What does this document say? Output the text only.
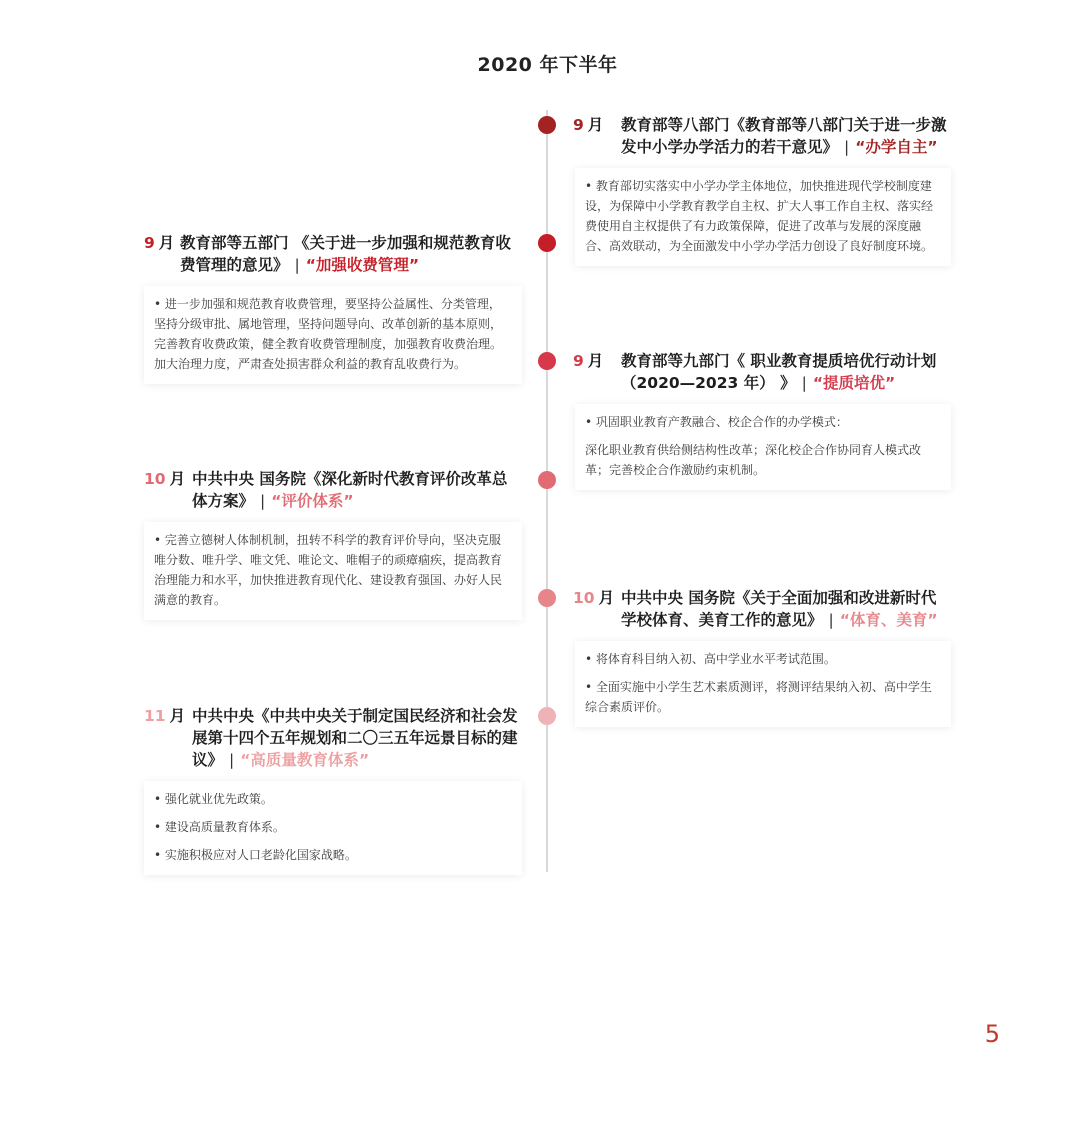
2020 年下半年
9 月 教育部等八部门《教育部等八部门关于进一步激发中小学办学活力的若干意见》 | “办学自主”

• 教育部切实落实中小学办学主体地位，加快推进现代学校制度建设，为保障中小学教育教学自主权、扩大人事工作自主权、落实经费使用自主权提供了有力政策保障，促进了改革与发展的深度融合、高效联动，为全面激发中小学办学活力创设了良好制度环境。

9 月 教育部等五部门 《关于进一步加强和规范教育收费管理的意见》 | “加强收费管理”

• 进一步加强和规范教育收费管理，要坚持公益属性、分类管理，坚持分级审批、属地管理，坚持问题导向、改革创新的基本原则，完善教育收费政策，健全教育收费管理制度，加强教育收费治理。加大治理力度，严肃查处损害群众利益的教育乱收费行为。	9 月 教育部等九部门《 职业教育提质培优行动计划（2020—2023 年） 》 | “提质培优”

• 巩固职业教育产教融合、校企合作的办学模式：

深化职业教育供给侧结构性改革；深化校企合作协同育人模式改革；完善校企合作激励约束机制。

10 月 中共中央 国务院《深化新时代教育评价改革总体方案》 | “评价体系”

• 完善立德树人体制机制，扭转不科学的教育评价导向，坚决克服唯分数、唯升学、唯文凭、唯论文、唯帽子的顽瘴痼疾，提高教育治理能力和水平，加快推进教育现代化、建设教育强国、办好人民满意的教育。	10 月 中共中央 国务院《关于全面加强和改进新时代学校体育、美育工作的意见》 | “体育、美育”

• 将体育科目纳入初、高中学业水平考试范围。

• 全面实施中小学生艺术素质测评，将测评结果纳入初、高中学生综合素质评价。

11 月 中共中央《中共中央关于制定国民经济和社会发展第十四个五年规划和二〇三五年远景目标的建议》 | “高质量教育体系”

• 强化就业优先政策。

• 建设高质量教育体系。

• 实施积极应对人口老龄化国家战略。

5
